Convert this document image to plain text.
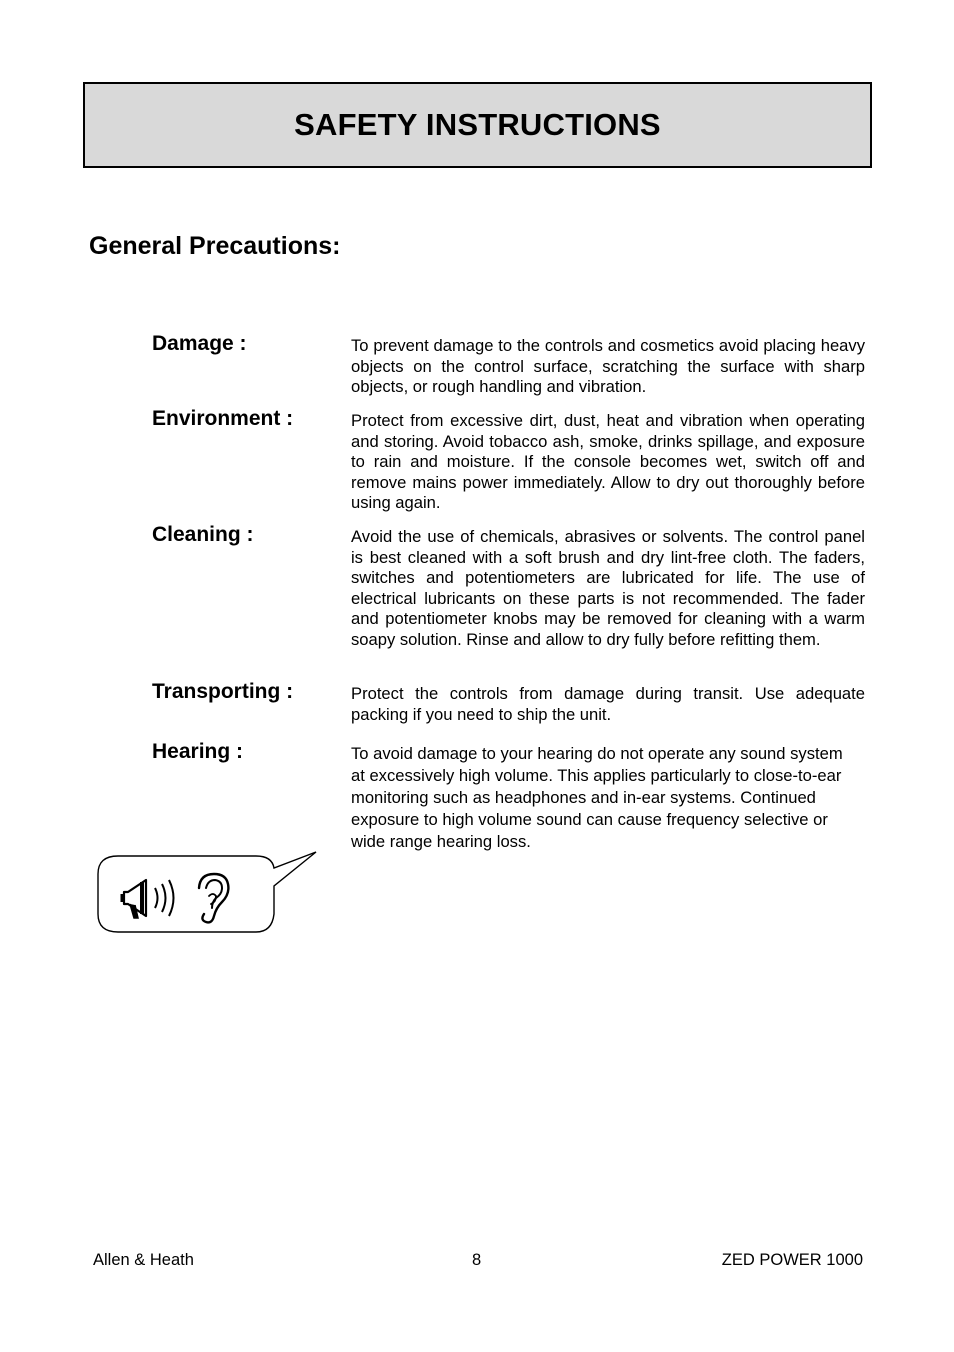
SAFETY INSTRUCTIONS
General Precautions:

Damage :	To prevent damage to the controls and cosmetics avoid placing heavy objects on the control surface, scratching the surface with sharp objects, or rough handling and vibration.

Environment :	Protect from excessive dirt, dust, heat and vibration when operating and storing. Avoid tobacco ash, smoke, drinks spillage, and exposure to rain and moisture. If the console becomes wet, switch off and remove mains power immediately. Allow to dry out thoroughly before using again.

Cleaning :	Avoid the use of chemicals, abrasives or solvents. The control panel is best cleaned with a soft brush and dry lint-free cloth. The faders, switches and potentiometers are lubricated for life. The use of electrical lubricants on these parts is not recommended. The fader and potentiometer knobs may be removed for cleaning with a warm soapy solution. Rinse and allow to dry fully before refitting them.

Transporting :	Protect the controls from damage during transit. Use adequate packing if you need to ship the unit.

Hearing :	To avoid damage to your hearing do not operate any sound system at excessively high volume. This applies particularly to close-to-ear monitoring such as headphones and in-ear systems. Continued exposure to high volume sound can cause frequency selective or wide range hearing loss.

Allen & Heath	8	ZED POWER 1000
